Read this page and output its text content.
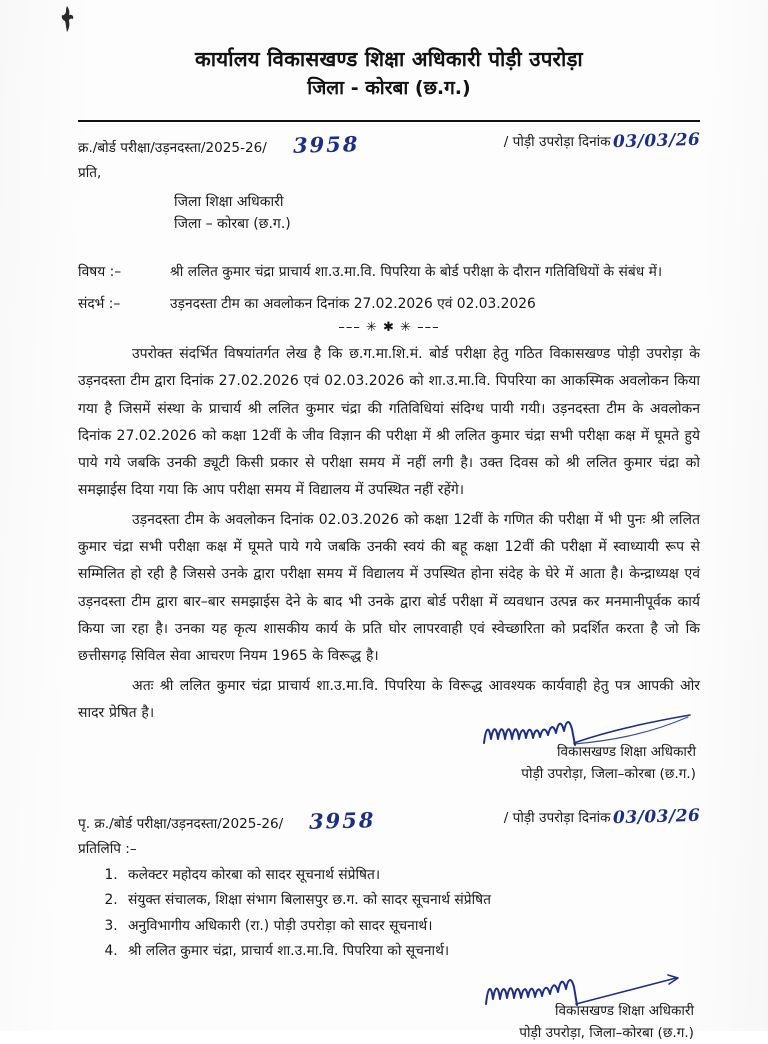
कार्यालय विकासखण्ड शिक्षा अधिकारी पोड़ी उपरोड़ा
जिला - कोरबा (छ.ग.)
क्र./बोर्ड परीक्षा/उड़नदस्ता/2025-26/ 3958	/ पोड़ी उपरोड़ा दिनांक 03/03/26
प्रति,
जिला शिक्षा अधिकारी
जिला – कोरबा (छ.ग.)
विषय :–	श्री ललित कुमार चंद्रा प्राचार्य शा.उ.मा.वि. पिपरिया के बोर्ड परीक्षा के दौरान गतिविधियों के संबंध में।
संदर्भ :–	उड़नदस्ता टीम का अवलोकन दिनांक 27.02.2026 एवं 02.03.2026
––– ✳ ✱ ✳ –––

उपरोक्त संदर्भित विषयांतर्गत लेख है कि छ.ग.मा.शि.मं. बोर्ड परीक्षा हेतु गठित विकासखण्ड पोड़ी उपरोड़ा के उड़नदस्ता टीम द्वारा दिनांक 27.02.2026 एवं 02.03.2026 को शा.उ.मा.वि. पिपरिया का आकस्मिक अवलोकन किया गया है जिसमें संस्था के प्राचार्य श्री ललित कुमार चंद्रा की गतिविधियां संदिग्ध पायी गयी। उड़नदस्ता टीम के अवलोकन दिनांक 27.02.2026 को कक्षा 12वीं के जीव विज्ञान की परीक्षा में श्री ललित कुमार चंद्रा सभी परीक्षा कक्ष में घूमते हुये पाये गये जबकि उनकी ड्यूटी किसी प्रकार से परीक्षा समय में नहीं लगी है। उक्त दिवस को श्री ललित कुमार चंद्रा को समझाईस दिया गया कि आप परीक्षा समय में विद्यालय में उपस्थित नहीं रहेंगे।

उड़नदस्ता टीम के अवलोकन दिनांक 02.03.2026 को कक्षा 12वीं के गणित की परीक्षा में भी पुनः श्री ललित कुमार चंद्रा सभी परीक्षा कक्ष में घूमते पाये गये जबकि उनकी स्वयं की बहू कक्षा 12वीं की परीक्षा में स्वाध्यायी रूप से सम्मिलित हो रही है जिससे उनके द्वारा परीक्षा समय में विद्यालय में उपस्थित होना संदेह के घेरे में आता है। केन्द्राध्यक्ष एवं उड़नदस्ता टीम द्वारा बार–बार समझाईस देने के बाद भी उनके द्वारा बोर्ड परीक्षा में व्यवधान उत्पन्न कर मनमानीपूर्वक कार्य किया जा रहा है। उनका यह कृत्य शासकीय कार्य के प्रति घोर लापरवाही एवं स्वेच्छारिता को प्रदर्शित करता है जो कि छत्तीसगढ़ सिविल सेवा आचरण नियम 1965 के विरूद्ध है।

अतः श्री ललित कुमार चंद्रा प्राचार्य शा.उ.मा.वि. पिपरिया के विरूद्ध आवश्यक कार्यवाही हेतु पत्र आपकी ओर सादर प्रेषित है।

विकासखण्ड शिक्षा अधिकारी
पोड़ी उपरोड़ा, जिला–कोरबा (छ.ग.)
पृ. क्र./बोर्ड परीक्षा/उड़नदस्ता/2025-26/ 3958	/ पोड़ी उपरोड़ा दिनांक 03/03/26
प्रतिलिपि :–
1. कलेक्टर महोदय कोरबा को सादर सूचनार्थ संप्रेषित।
2. संयुक्त संचालक, शिक्षा संभाग बिलासपुर छ.ग. को सादर सूचनार्थ संप्रेषित
3. अनुविभागीय अधिकारी (रा.) पोड़ी उपरोड़ा को सादर सूचनार्थ।
4. श्री ललित कुमार चंद्रा, प्राचार्य शा.उ.मा.वि. पिपरिया को सूचनार्थ।
विकासखण्ड शिक्षा अधिकारी
पोड़ी उपरोड़ा, जिला–कोरबा (छ.ग.)
